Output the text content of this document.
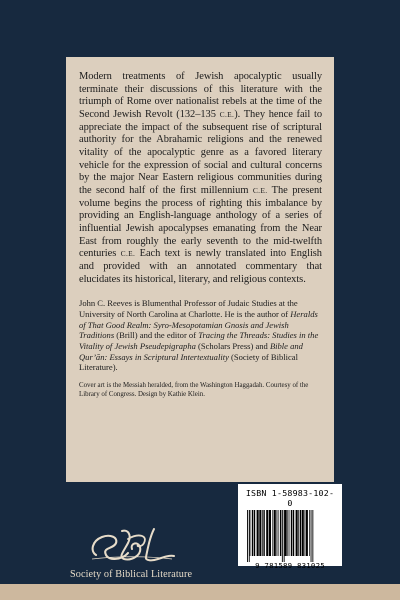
Modern treatments of Jewish apocalyptic usually terminate their discussions of this literature with the triumph of Rome over nationalist rebels at the time of the Second Jewish Revolt (132–135 C.E.). They hence fail to appreciate the impact of the subsequent rise of scriptural authority for the Abrahamic religions and the renewed vitality of the apocalyptic genre as a favored literary vehicle for the expression of social and cultural concerns by the major Near Eastern religious communities during the second half of the first millennium C.E. The present volume begins the process of righting this imbalance by providing an English-language anthology of a series of influential Jewish apocalypses emanating from the Near East from roughly the early seventh to the mid-twelfth centuries C.E. Each text is newly translated into English and provided with an annotated commentary that elucidates its historical, literary, and religious contexts.

John C. Reeves is Blumenthal Professor of Judaic Studies at the University of North Carolina at Charlotte. He is the author of Heralds of That Good Realm: Syro-Mesopotamian Gnosis and Jewish Traditions (Brill) and the editor of Tracing the Threads: Studies in the Vitality of Jewish Pseudepigrapha (Scholars Press) and Bible and Qur’ān: Essays in Scriptural Intertextuality (Society of Biblical Literature).

Cover art is the Messiah heralded, from the Washington Haggadah. Courtesy of the Library of Congress. Design by Kathie Klein.

Society of Biblical Literature
ISBN 1-58983-102-0
9 781589 831025
